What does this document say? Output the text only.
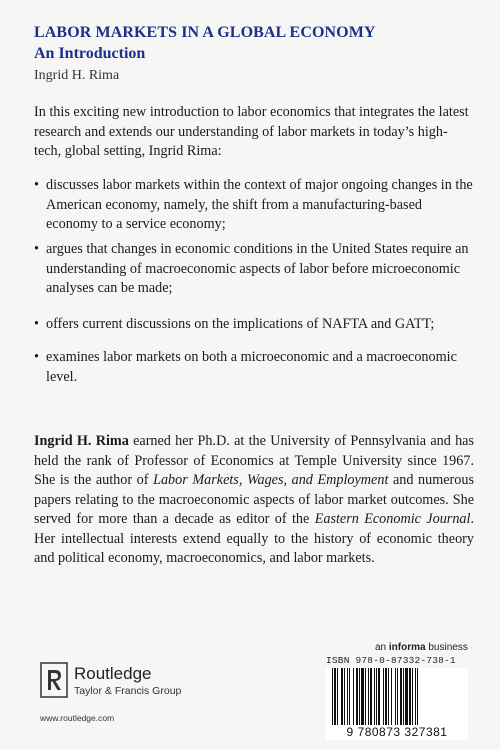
LABOR MARKETS IN A GLOBAL ECONOMY
An Introduction
Ingrid H. Rima

In this exciting new introduction to labor economics that integrates the latest research and extends our understanding of labor markets in today’s high-tech, global setting, Ingrid Rima:

• discusses labor markets within the context of major ongoing changes in the American economy, namely, the shift from a manufacturing-based economy to a service economy;
• argues that changes in economic conditions in the United States require an understanding of macroeconomic aspects of labor before microeconomic analyses can be made;
• offers current discussions on the implications of NAFTA and GATT;
• examines labor markets on both a microeconomic and a macroeconomic level.

Ingrid H. Rima earned her Ph.D. at the University of Pennsylvania and has held the rank of Professor of Economics at Temple University since 1967. She is the author of Labor Markets, Wages, and Employment and numerous papers relating to the macroeconomic aspects of labor market outcomes. She served for more than a decade as editor of the Eastern Economic Journal. Her intellectual interests extend equally to the history of economic theory and political economy, macroeconomics, and labor markets.

Routledge
Taylor & Francis Group
www.routledge.com
an informa business
ISBN 978-0-87332-738-1
9 780873 327381
